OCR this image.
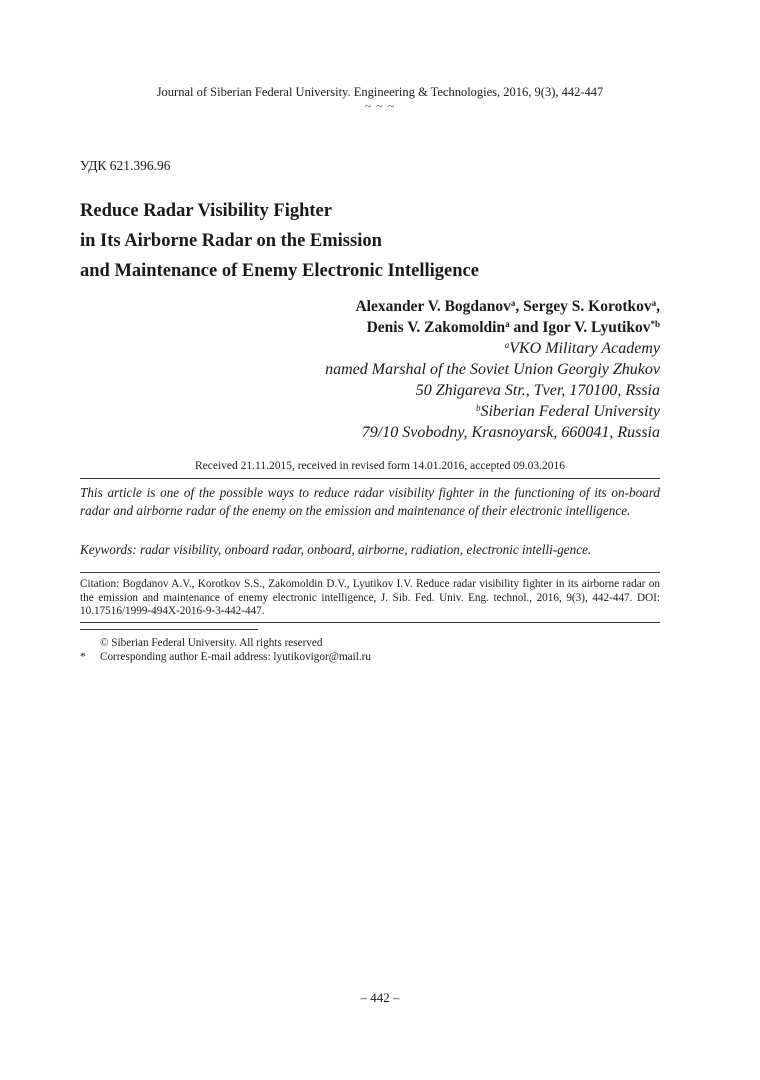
Journal of Siberian Federal University. Engineering & Technologies, 2016, 9(3), 442-447
~ ~ ~
УДК 621.396.96
Reduce Radar Visibility Fighter
in Its Airborne Radar on the Emission
and Maintenance of Enemy Electronic Intelligence
Alexander V. Bogdanov$^a$, Sergey S. Korotkov$^a$,
Denis V. Zakomoldin$^a$ and Igor V. Lyutikov$^{*b}$
$^a$VKO Military Academy
named Marshal of the Soviet Union Georgiy Zhukov
50 Zhigareva Str., Tver, 170100, Rssia
$^b$Siberian Federal University
79/10 Svobodny, Krasnoyarsk, 660041, Russia
Received 21.11.2015, received in revised form 14.01.2016, accepted 09.03.2016
This article is one of the possible ways to reduce radar visibility fighter in the functioning of its on-board radar and airborne radar of the enemy on the emission and maintenance of their electronic intelligence.
Keywords: radar visibility, onboard radar, onboard, airborne, radiation, electronic intelli-gence.
Citation: Bogdanov A.V., Korotkov S.S., Zakomoldin D.V., Lyutikov I.V. Reduce radar visibility fighter in its airborne radar on the emission and maintenance of enemy electronic intelligence, J. Sib. Fed. Univ. Eng. technol., 2016, 9(3), 442-447. DOI: 10.17516/1999-494X-2016-9-3-442-447.
© Siberian Federal University. All rights reserved
*	Corresponding author E-mail address: lyutikovigor@mail.ru
– 442 –
